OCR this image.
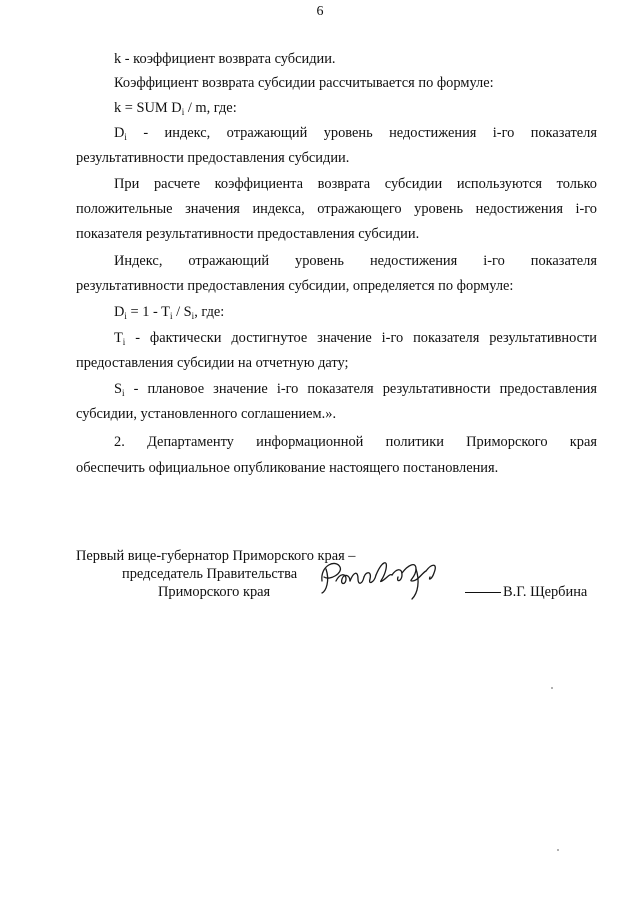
6
k - коэффициент возврата субсидии.
Коэффициент возврата субсидии рассчитывается по формуле:
k = SUM $D_i$ / m, где:
$D_i$ - индекс, отражающий уровень недостижения i-го показателя
результативности предоставления субсидии.
При расчете коэффициента возврата субсидии используются только
положительные значения индекса, отражающего уровень недостижения i-го
показателя результативности предоставления субсидии.
Индекс, отражающий уровень недостижения i-го показателя
результативности предоставления субсидии, определяется по формуле:
$D_i = 1 - T_i / S_i$, где:
$T_i$ - фактически достигнутое значение i-го показателя результативности
предоставления субсидии на отчетную дату;
$S_i$ - плановое значение i-го показателя результативности предоставления
субсидии, установленного соглашением.».
2. Департаменту информационной политики Приморского края
обеспечить официальное опубликование настоящего постановления.
Первый вице-губернатор Приморского края –
председатель Правительства
Приморского края	В.Г. Щербина
